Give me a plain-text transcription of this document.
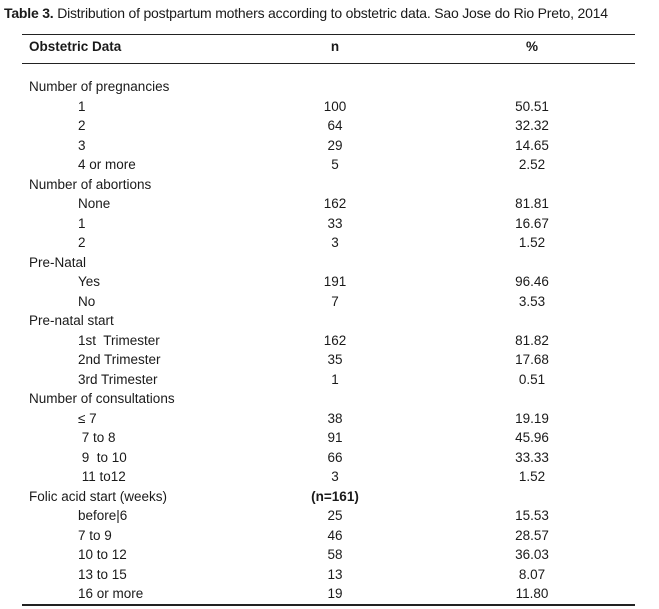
Table 3. Distribution of postpartum mothers according to obstetric data. Sao Jose do Rio Preto, 2014
Obstetric Data	n	%
Number of pregnancies
1	100	50.51
2	64	32.32
3	29	14.65
4 or more	5	2.52
Number of abortions
None	162	81.81
1	33	16.67
2	3	1.52
Pre-Natal
Yes	191	96.46
No	7	3.53
Pre-natal start
1st  Trimester	162	81.82
2nd Trimester	35	17.68
3rd Trimester	1	0.51
Number of consultations
≤ 7	38	19.19
7 to 8	91	45.96
9  to 10	66	33.33
11 to12	3	1.52
Folic acid start (weeks)	(n=161)
before|6	25	15.53
7 to 9	46	28.57
10 to 12	58	36.03
13 to 15	13	8.07
16 or more	19	11.80
